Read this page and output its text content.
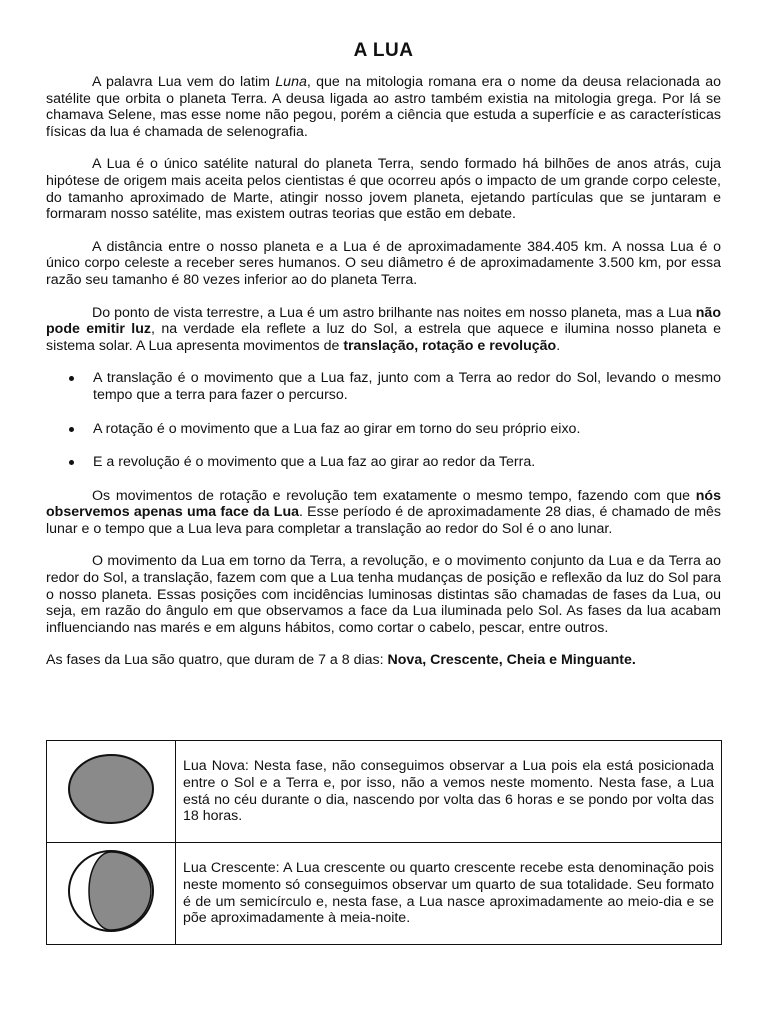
A LUA

A palavra Lua vem do latim Luna, que na mitologia romana era o nome da deusa relacionada ao satélite que orbita o planeta Terra. A deusa ligada ao astro também existia na mitologia grega. Por lá se chamava Selene, mas esse nome não pegou, porém a ciência que estuda a superfície e as características físicas da lua é chamada de selenografia.

A Lua é o único satélite natural do planeta Terra, sendo formado há bilhões de anos atrás, cuja hipótese de origem mais aceita pelos cientistas é que ocorreu após o impacto de um grande corpo celeste, do tamanho aproximado de Marte, atingir nosso jovem planeta, ejetando partículas que se juntaram e formaram nosso satélite, mas existem outras teorias que estão em debate.

A distância entre o nosso planeta e a Lua é de aproximadamente 384.405 km. A nossa Lua é o único corpo celeste a receber seres humanos. O seu diâmetro é de aproximadamente 3.500 km, por essa razão seu tamanho é 80 vezes inferior ao do planeta Terra.

Do ponto de vista terrestre, a Lua é um astro brilhante nas noites em nosso planeta, mas a Lua não pode emitir luz, na verdade ela reflete a luz do Sol, a estrela que aquece e ilumina nosso planeta e sistema solar. A Lua apresenta movimentos de translação, rotação e revolução.

A translação é o movimento que a Lua faz, junto com a Terra ao redor do Sol, levando o mesmo tempo que a terra para fazer o percurso.
A rotação é o movimento que a Lua faz ao girar em torno do seu próprio eixo.
E a revolução é o movimento que a Lua faz ao girar ao redor da Terra.

Os movimentos de rotação e revolução tem exatamente o mesmo tempo, fazendo com que nós observemos apenas uma face da Lua. Esse período é de aproximadamente 28 dias, é chamado de mês lunar e o tempo que a Lua leva para completar a translação ao redor do Sol é o ano lunar.

O movimento da Lua em torno da Terra, a revolução, e o movimento conjunto da Lua e da Terra ao redor do Sol, a translação, fazem com que a Lua tenha mudanças de posição e reflexão da luz do Sol para o nosso planeta. Essas posições com incidências luminosas distintas são chamadas de fases da Lua, ou seja, em razão do ângulo em que observamos a face da Lua iluminada pelo Sol. As fases da lua acabam influenciando nas marés e em alguns hábitos, como cortar o cabelo, pescar, entre outros.

As fases da Lua são quatro, que duram de 7 a 8 dias: Nova, Crescente, Cheia e Minguante.

	Lua Nova: Nesta fase, não conseguimos observar a Lua pois ela está posicionada entre o Sol e a Terra e, por isso, não a vemos neste momento. Nesta fase, a Lua está no céu durante o dia, nascendo por volta das 6 horas e se pondo por volta das 18 horas.
	Lua Crescente: A Lua crescente ou quarto crescente recebe esta denominação pois neste momento só conseguimos observar um quarto de sua totalidade. Seu formato é de um semicírculo e, nesta fase, a Lua nasce aproximadamente ao meio-dia e se põe aproximadamente à meia-noite.
